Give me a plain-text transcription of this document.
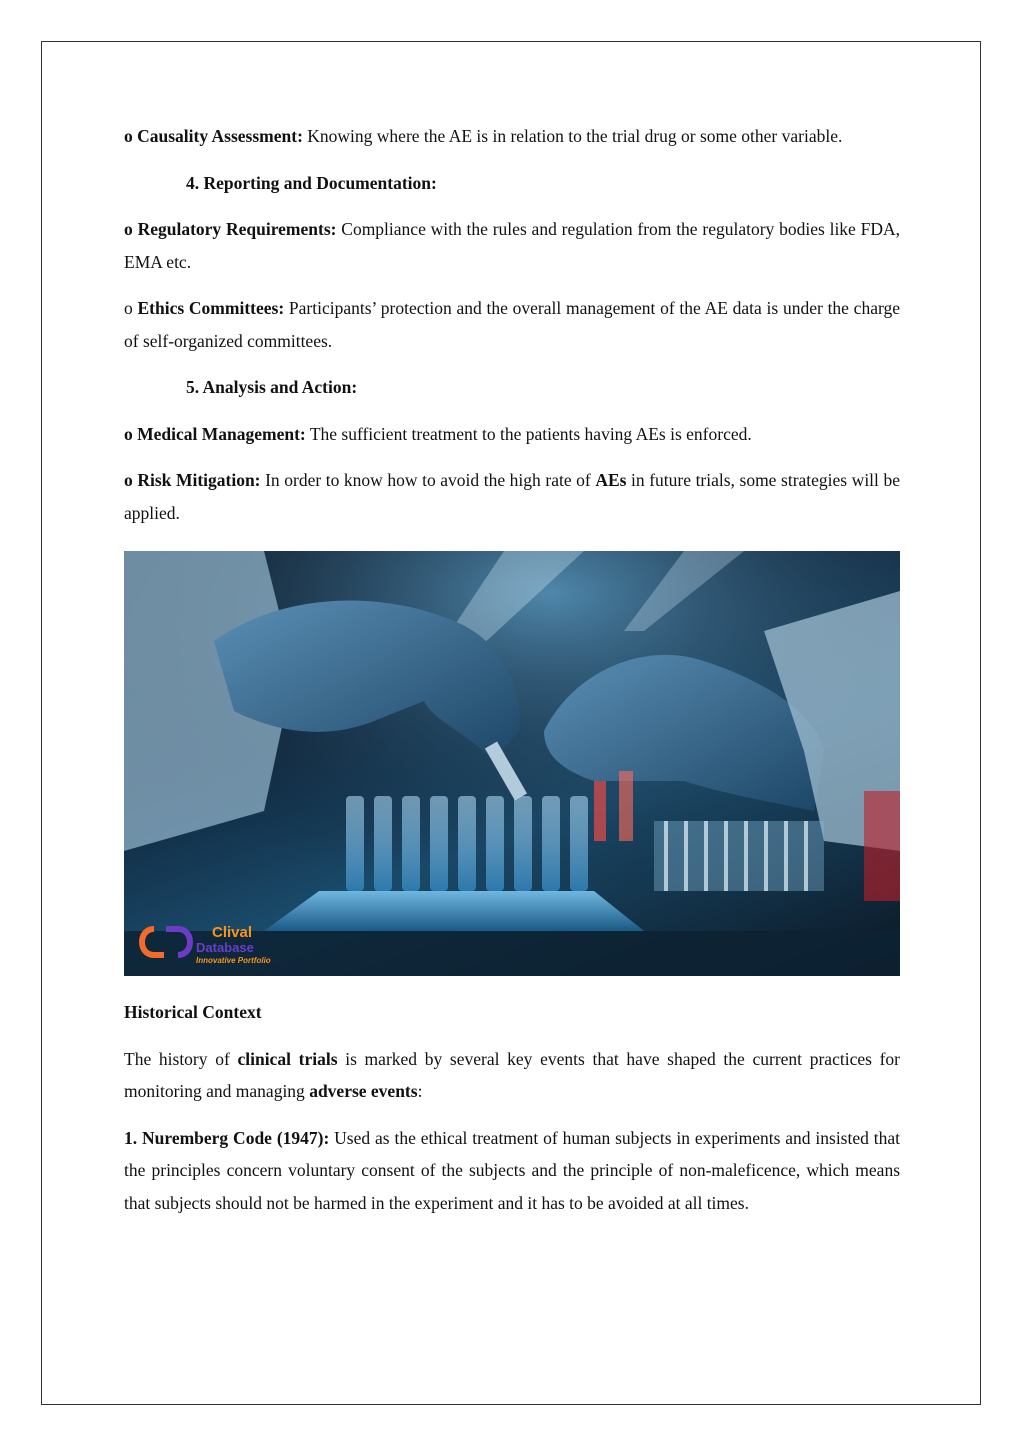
o Causality Assessment: Knowing where the AE is in relation to the trial drug or some other variable.

4. Reporting and Documentation:

o Regulatory Requirements: Compliance with the rules and regulation from the regulatory bodies like FDA, EMA etc.

o Ethics Committees: Participants’ protection and the overall management of the AE data is under the charge of self-organized committees.

5. Analysis and Action:

o Medical Management: The sufficient treatment to the patients having AEs is enforced.

o Risk Mitigation: In order to know how to avoid the high rate of AEs in future trials, some strategies will be applied.

Clival
Database
Innovative Portfolio

Historical Context

The history of clinical trials is marked by several key events that have shaped the current practices for monitoring and managing adverse events:

1. Nuremberg Code (1947): Used as the ethical treatment of human subjects in experiments and insisted that the principles concern voluntary consent of the subjects and the principle of non-maleficence, which means that subjects should not be harmed in the experiment and it has to be avoided at all times.
